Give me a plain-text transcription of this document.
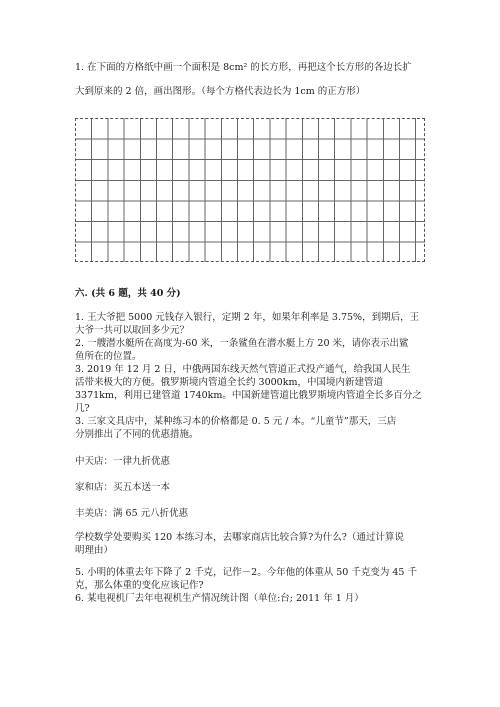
1. 在下面的方格纸中画一个面积是 8cm² 的长方形，再把这个长方形的各边长扩
大到原来的 2 倍，画出图形。（每个方格代表边长为 1cm 的正方形）
六. (共 6 题，共 40 分)
1. 王大爷把 5000 元钱存入银行，定期 2 年，如果年利率是 3.75%，到期后，王
大爷一共可以取回多少元？
2. 一艘潜水艇所在高度为-60 米，一条鲨鱼在潜水艇上方 20 米，请你表示出鲨
鱼所在的位置。
3. 2019 年 12 月 2 日，中俄两国东线天然气管道正式投产通气，给我国人民生
活带来极大的方便。俄罗斯境内管道全长约 3000km，中国境内新建管道
3371km，利用已建管道 1740km。中国新建管道比俄罗斯境内管道全长多百分之
几?
3. 三家文具店中，某种练习本的价格都是 0. 5 元 / 本。“儿童节”那天，三店
分别推出了不同的优惠措施。
中天店：一律九折优惠
家和店：买五本送一本
丰美店：满 65 元八折优惠
学校数学处要购买 120 本练习本，去哪家商店比较合算?为什么?（通过计算说
明理由）
5. 小明的体重去年下降了 2 千克，记作－2。今年他的体重从 50 千克变为 45 千
克，那么体重的变化应该记作?
6. 某电视机厂去年电视机生产情况统计图（单位:台; 2011 年 1 月）
